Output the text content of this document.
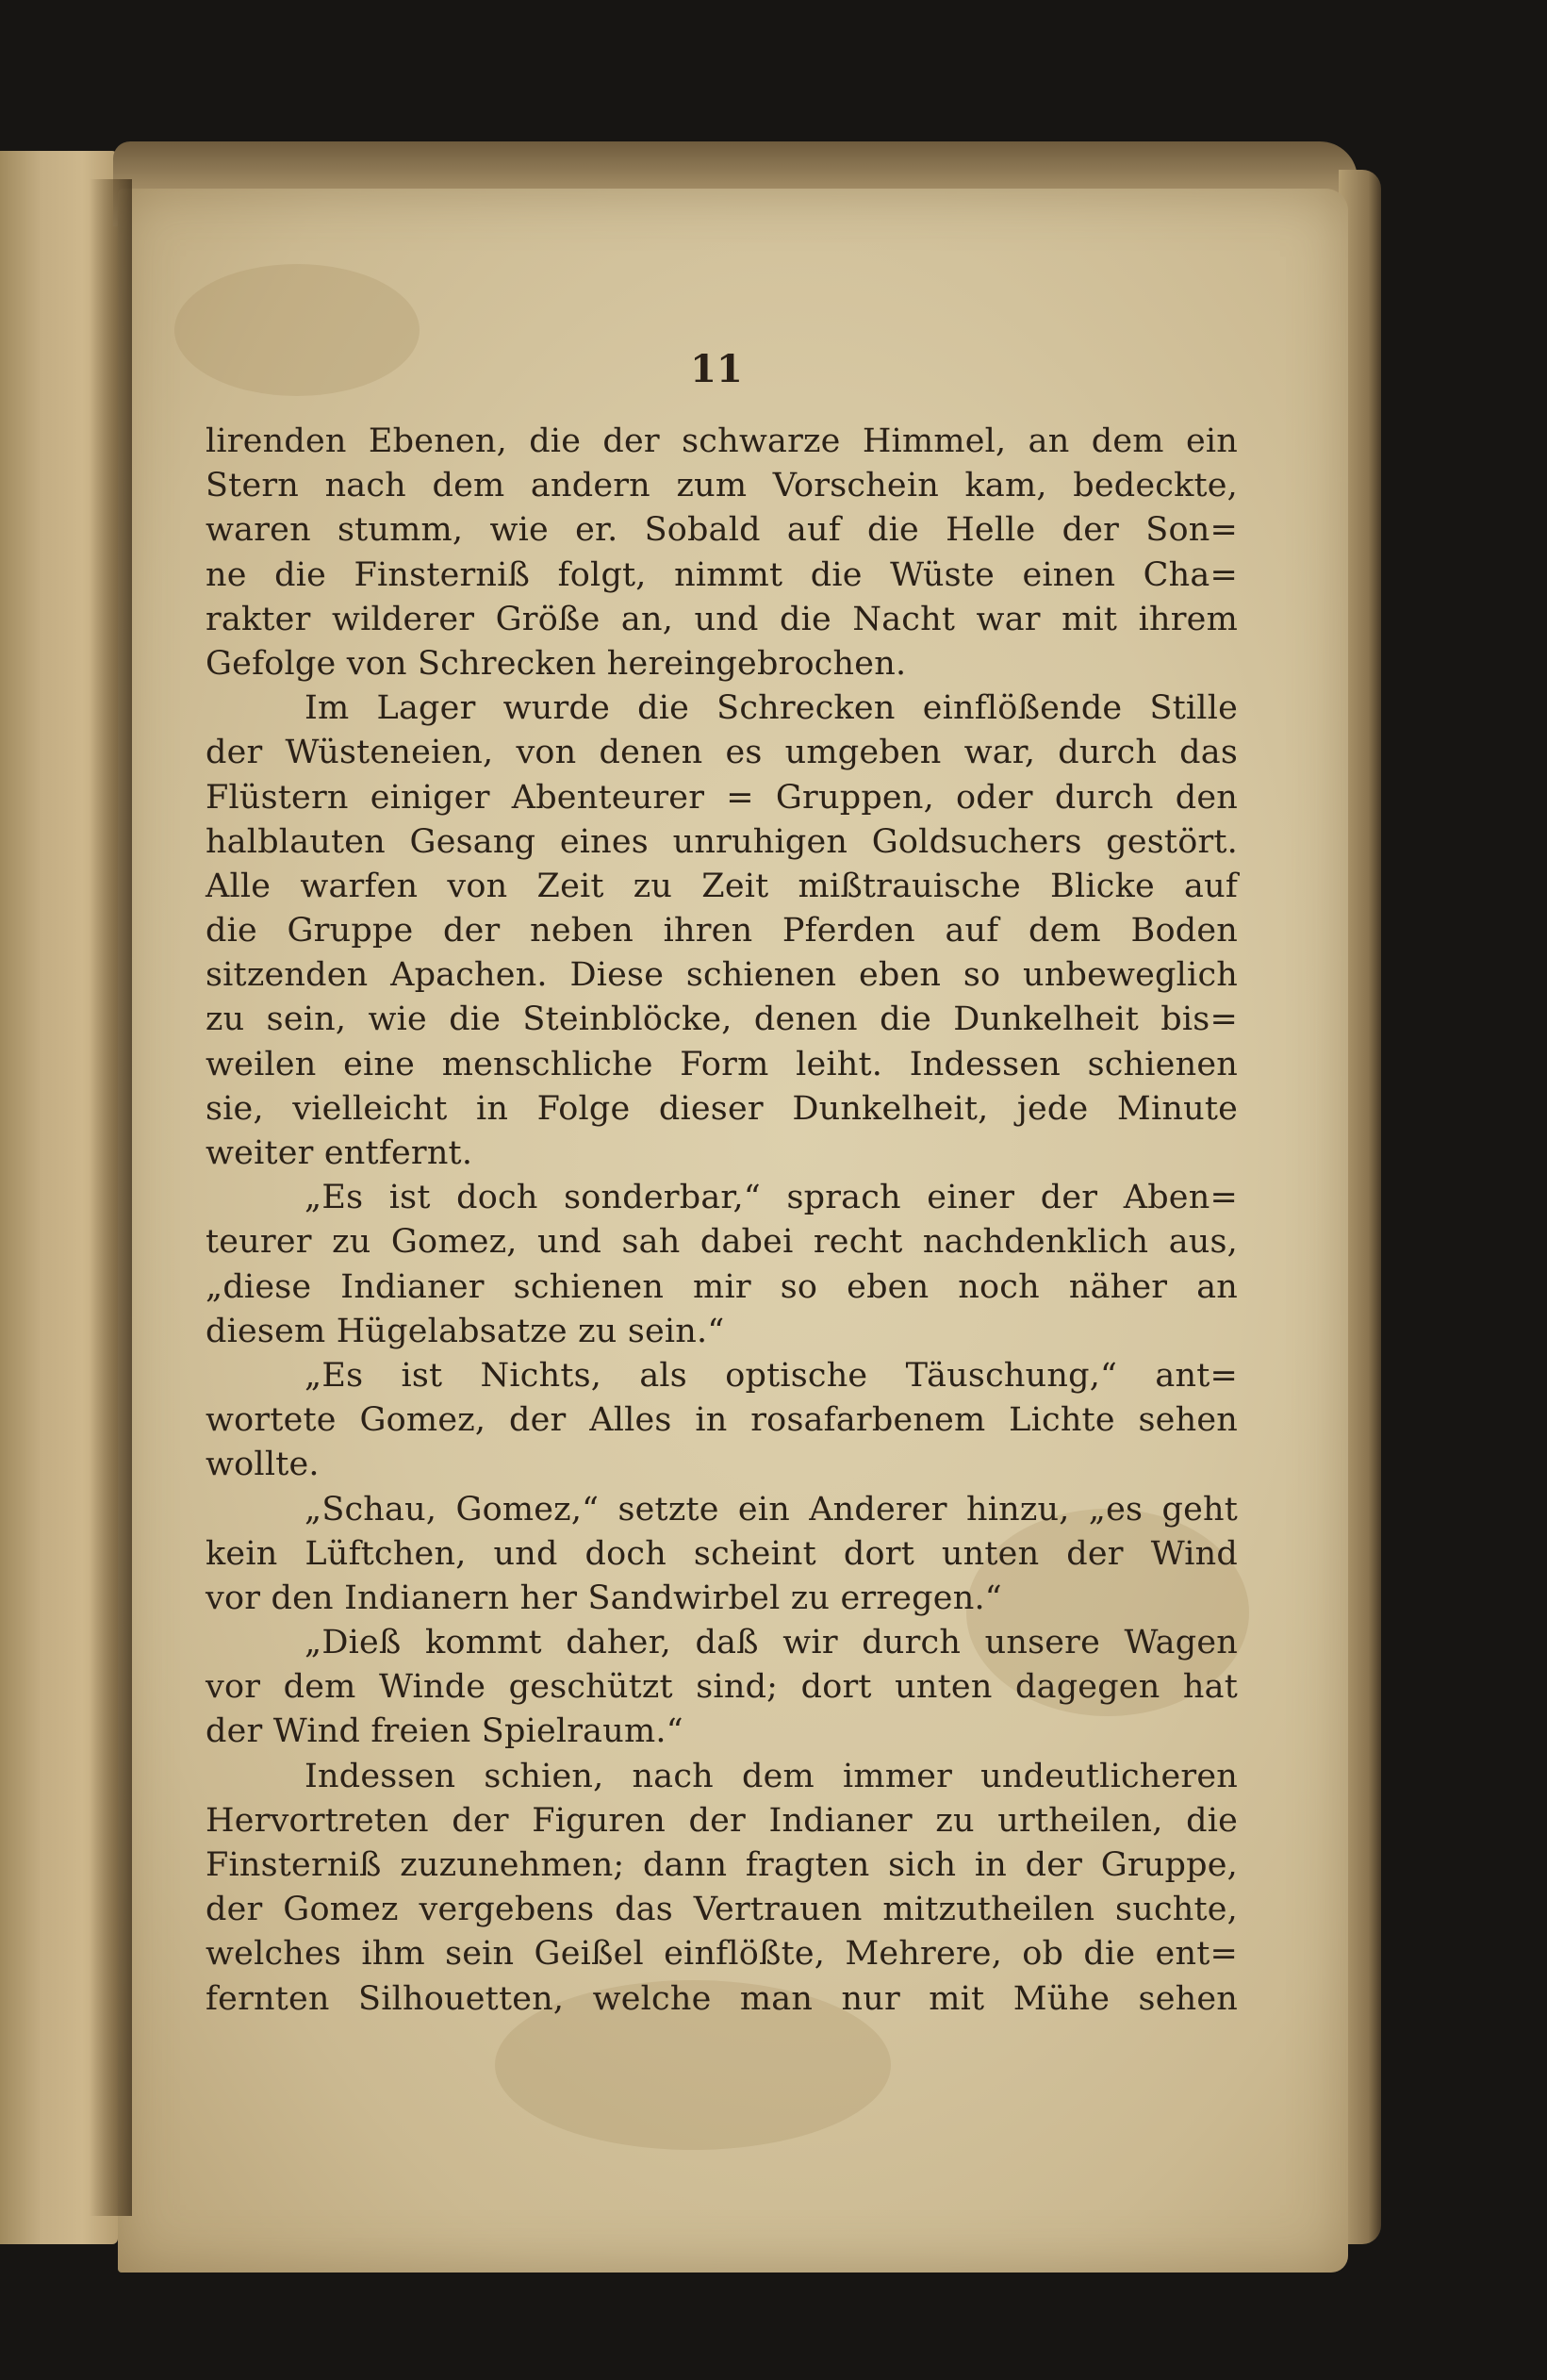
11
lirenden Ebenen, die der schwarze Himmel, an dem ein
Stern nach dem andern zum Vorschein kam, bedeckte,
waren stumm, wie er. Sobald auf die Helle der Son=
ne die Finsterniß folgt, nimmt die Wüste einen Cha=
rakter wilderer Größe an, und die Nacht war mit ihrem
Gefolge von Schrecken hereingebrochen.
Im Lager wurde die Schrecken einflößende Stille
der Wüsteneien, von denen es umgeben war, durch das
Flüstern einiger Abenteurer = Gruppen, oder durch den
halblauten Gesang eines unruhigen Goldsuchers gestört.
Alle warfen von Zeit zu Zeit mißtrauische Blicke auf
die Gruppe der neben ihren Pferden auf dem Boden
sitzenden Apachen. Diese schienen eben so unbeweglich
zu sein, wie die Steinblöcke, denen die Dunkelheit bis=
weilen eine menschliche Form leiht. Indessen schienen
sie, vielleicht in Folge dieser Dunkelheit, jede Minute
weiter entfernt.
„Es ist doch sonderbar,“ sprach einer der Aben=
teurer zu Gomez, und sah dabei recht nachdenklich aus,
„diese Indianer schienen mir so eben noch näher an
diesem Hügelabsatze zu sein.“
„Es ist Nichts, als optische Täuschung,“ ant=
wortete Gomez, der Alles in rosafarbenem Lichte sehen
wollte.
„Schau, Gomez,“ setzte ein Anderer hinzu, „es geht
kein Lüftchen, und doch scheint dort unten der Wind
vor den Indianern her Sandwirbel zu erregen.“
„Dieß kommt daher, daß wir durch unsere Wagen
vor dem Winde geschützt sind; dort unten dagegen hat
der Wind freien Spielraum.“
Indessen schien, nach dem immer undeutlicheren
Hervortreten der Figuren der Indianer zu urtheilen, die
Finsterniß zuzunehmen; dann fragten sich in der Gruppe,
der Gomez vergebens das Vertrauen mitzutheilen suchte,
welches ihm sein Geißel einflößte, Mehrere, ob die ent=
fernten Silhouetten, welche man nur mit Mühe sehen
